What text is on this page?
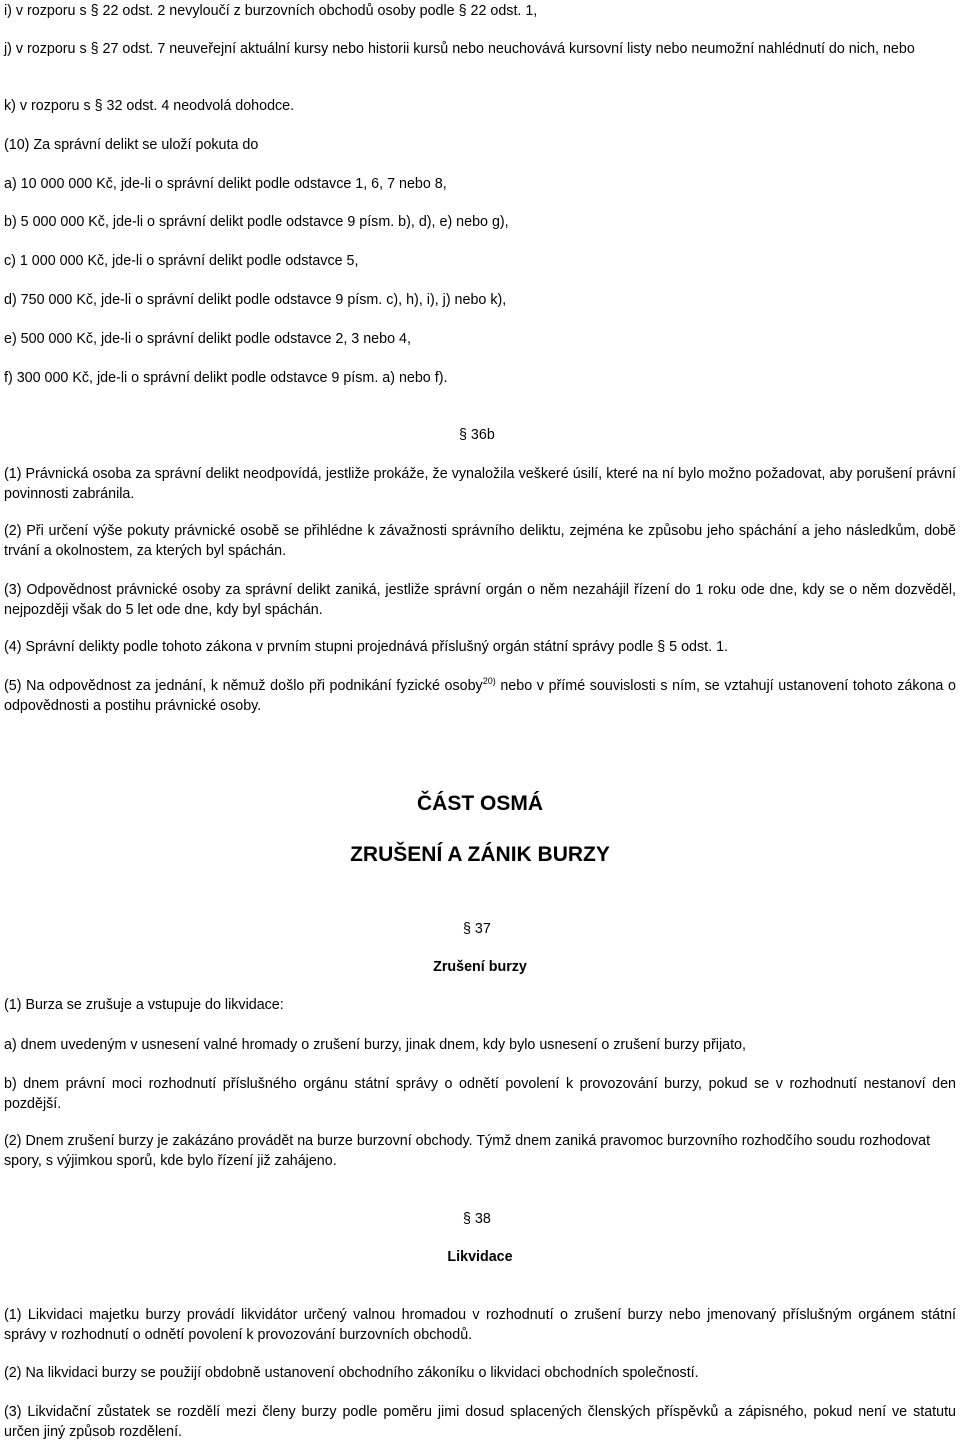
i) v rozporu s § 22 odst. 2 nevyloučí z burzovních obchodů osoby podle § 22 odst. 1,

j) v rozporu s § 27 odst. 7 neuveřejní aktuální kursy nebo historii kursů nebo neuchovává kursovní listy nebo neumožní nahlédnutí do nich, nebo

k) v rozporu s § 32 odst. 4 neodvolá dohodce.

(10) Za správní delikt se uloží pokuta do

a) 10 000 000 Kč, jde-li o správní delikt podle odstavce 1, 6, 7 nebo 8,

b) 5 000 000 Kč, jde-li o správní delikt podle odstavce 9 písm. b), d), e) nebo g),

c) 1 000 000 Kč, jde-li o správní delikt podle odstavce 5,

d) 750 000 Kč, jde-li o správní delikt podle odstavce 9 písm. c), h), i), j) nebo k),

e) 500 000 Kč, jde-li o správní delikt podle odstavce 2, 3 nebo 4,

f) 300 000 Kč, jde-li o správní delikt podle odstavce 9 písm. a) nebo f).

§ 36b

(1) Právnická osoba za správní delikt neodpovídá, jestliže prokáže, že vynaložila veškeré úsilí, které na ní bylo možno požadovat, aby porušení právní povinnosti zabránila.

(2) Při určení výše pokuty právnické osobě se přihlédne k závažnosti správního deliktu, zejména ke způsobu jeho spáchání a jeho následkům, době trvání a okolnostem, za kterých byl spáchán.

(3) Odpovědnost právnické osoby za správní delikt zaniká, jestliže správní orgán o něm nezahájil řízení do 1 roku ode dne, kdy se o něm dozvěděl, nejpozději však do 5 let ode dne, kdy byl spáchán.

(4) Správní delikty podle tohoto zákona v prvním stupni projednává příslušný orgán státní správy podle § 5 odst. 1.

(5) Na odpovědnost za jednání, k němuž došlo při podnikání fyzické osoby$^{20)}$ nebo v přímé souvislosti s ním, se vztahují ustanovení tohoto zákona o odpovědnosti a postihu právnické osoby.

ČÁST OSMÁ

ZRUŠENÍ A ZÁNIK BURZY

§ 37

Zrušení burzy

(1) Burza se zrušuje a vstupuje do likvidace:

a) dnem uvedeným v usnesení valné hromady o zrušení burzy, jinak dnem, kdy bylo usnesení o zrušení burzy přijato,

b) dnem právní moci rozhodnutí příslušného orgánu státní správy o odnětí povolení k provozování burzy, pokud se v rozhodnutí nestanoví den pozdější.

(2) Dnem zrušení burzy je zakázáno provádět na burze burzovní obchody. Týmž dnem zaniká pravomoc burzovního rozhodčího soudu rozhodovat spory, s výjimkou sporů, kde bylo řízení již zahájeno.

§ 38

Likvidace

(1) Likvidaci majetku burzy provádí likvidátor určený valnou hromadou v rozhodnutí o zrušení burzy nebo jmenovaný příslušným orgánem státní správy v rozhodnutí o odnětí povolení k provozování burzovních obchodů.

(2) Na likvidaci burzy se použijí obdobně ustanovení obchodního zákoníku o likvidaci obchodních společností.

(3) Likvidační zůstatek se rozdělí mezi členy burzy podle poměru jimi dosud splacených členských příspěvků a zápisného, pokud není ve statutu určen jiný způsob rozdělení.
